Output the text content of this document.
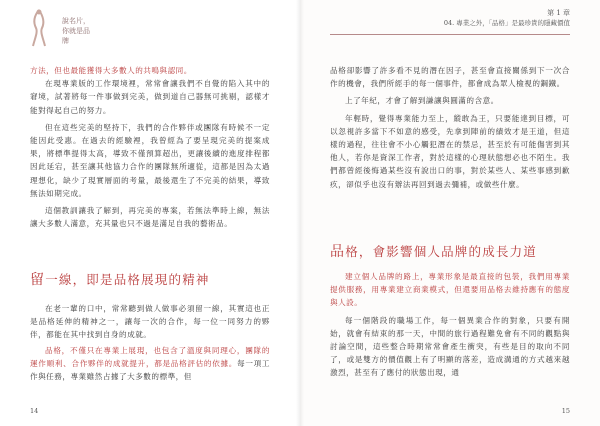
說名片，
你就是品牌

方法，但也最能獲得大多數人的共鳴與認同。

在現專業版的工作環境裡，常常會讓我們不自覺的陷入其中的窘境，試著將每一件事做到完美，做到道自己器無可挑剔，認樣才能對得起自己的努力。

但在這些完美的堅持下，我們的合作夥伴或團隊有時候不一定能因此受惠。在過去的經驗裡，我曾經為了要呈現完美的提案成果，將標準提得太高，導致不僅預算超出，更讓後續的進度排程都因此延宕，甚至讓其他協力合作的團隊無所適從，這都是因為太過理想化，缺少了現實層面的考量，最後還生了不完美的結果，導致無法如期完成。

這個教訓讓我了解到，再完美的專案，若無法準時上線，無法讓大多數人滿意，充其量也只不過是滿足自我的藝術品。

留一線，即是品格展現的精神

在老一輩的口中，常常聽到做人做事必須留一線，其實這也正是品格延伸的精神之一，讓每一次的合作，每一位一同努力的夥伴，都能在其中找到自身的成就。

品格，不僅只在專業上展現，也包含了溫度與同理心，團隊的運作順利、合作夥伴的成就提升，都是品格評估的依據。每一項工作與任務，專業雖然占據了大多數的標準，但

14
第 1 章
04. 專業之外，「品格」是最珍貴的隱藏價值

品格卻影響了許多看不見的潛在因子，甚至會直接關係到下一次合作的機會，我們所經手的每一個事件，都會成為眾人檢視的鋼鐵。

上了年紀，才會了解到謙讓與圓滿的含意。

年輕時，覺得專業能力至上，縱敢為王，只要能達到目標，可以忽視許多當下不如意的感受，先拿到陣前的績效才是王道，但這樣的過程，往往會不小心觸犯潛在的禁忌，甚至於有可能傷害到其他人，若你是資深工作者，對於這樣的心理狀態想必也不陌生。我們都曾經後悔過某些沒有說出口的事，對於某些人、某些事感到歉疚，卻似乎也沒有辦法再回到過去彌補，或做些什麼。

品格，會影響個人品牌的成長力道

建立個人品牌的路上，專業形象是最直接的包裝，我們用專業提供服務，用專業建立商業模式，但還要用品格去維持應有的態度與人設。

每一個階段的職場工作，每一個異業合作的對象，只要有開始，就會有結束的那一天，中間的旅行過程難免會有不同的觀點與討論空間，這些整合時期常常會產生衝突，有些是目的取向不同了，或是雙方的價值觀上有了明顯的落差，造成溝通的方式越來越激烈，甚至有了應付的狀態出現，通

15
